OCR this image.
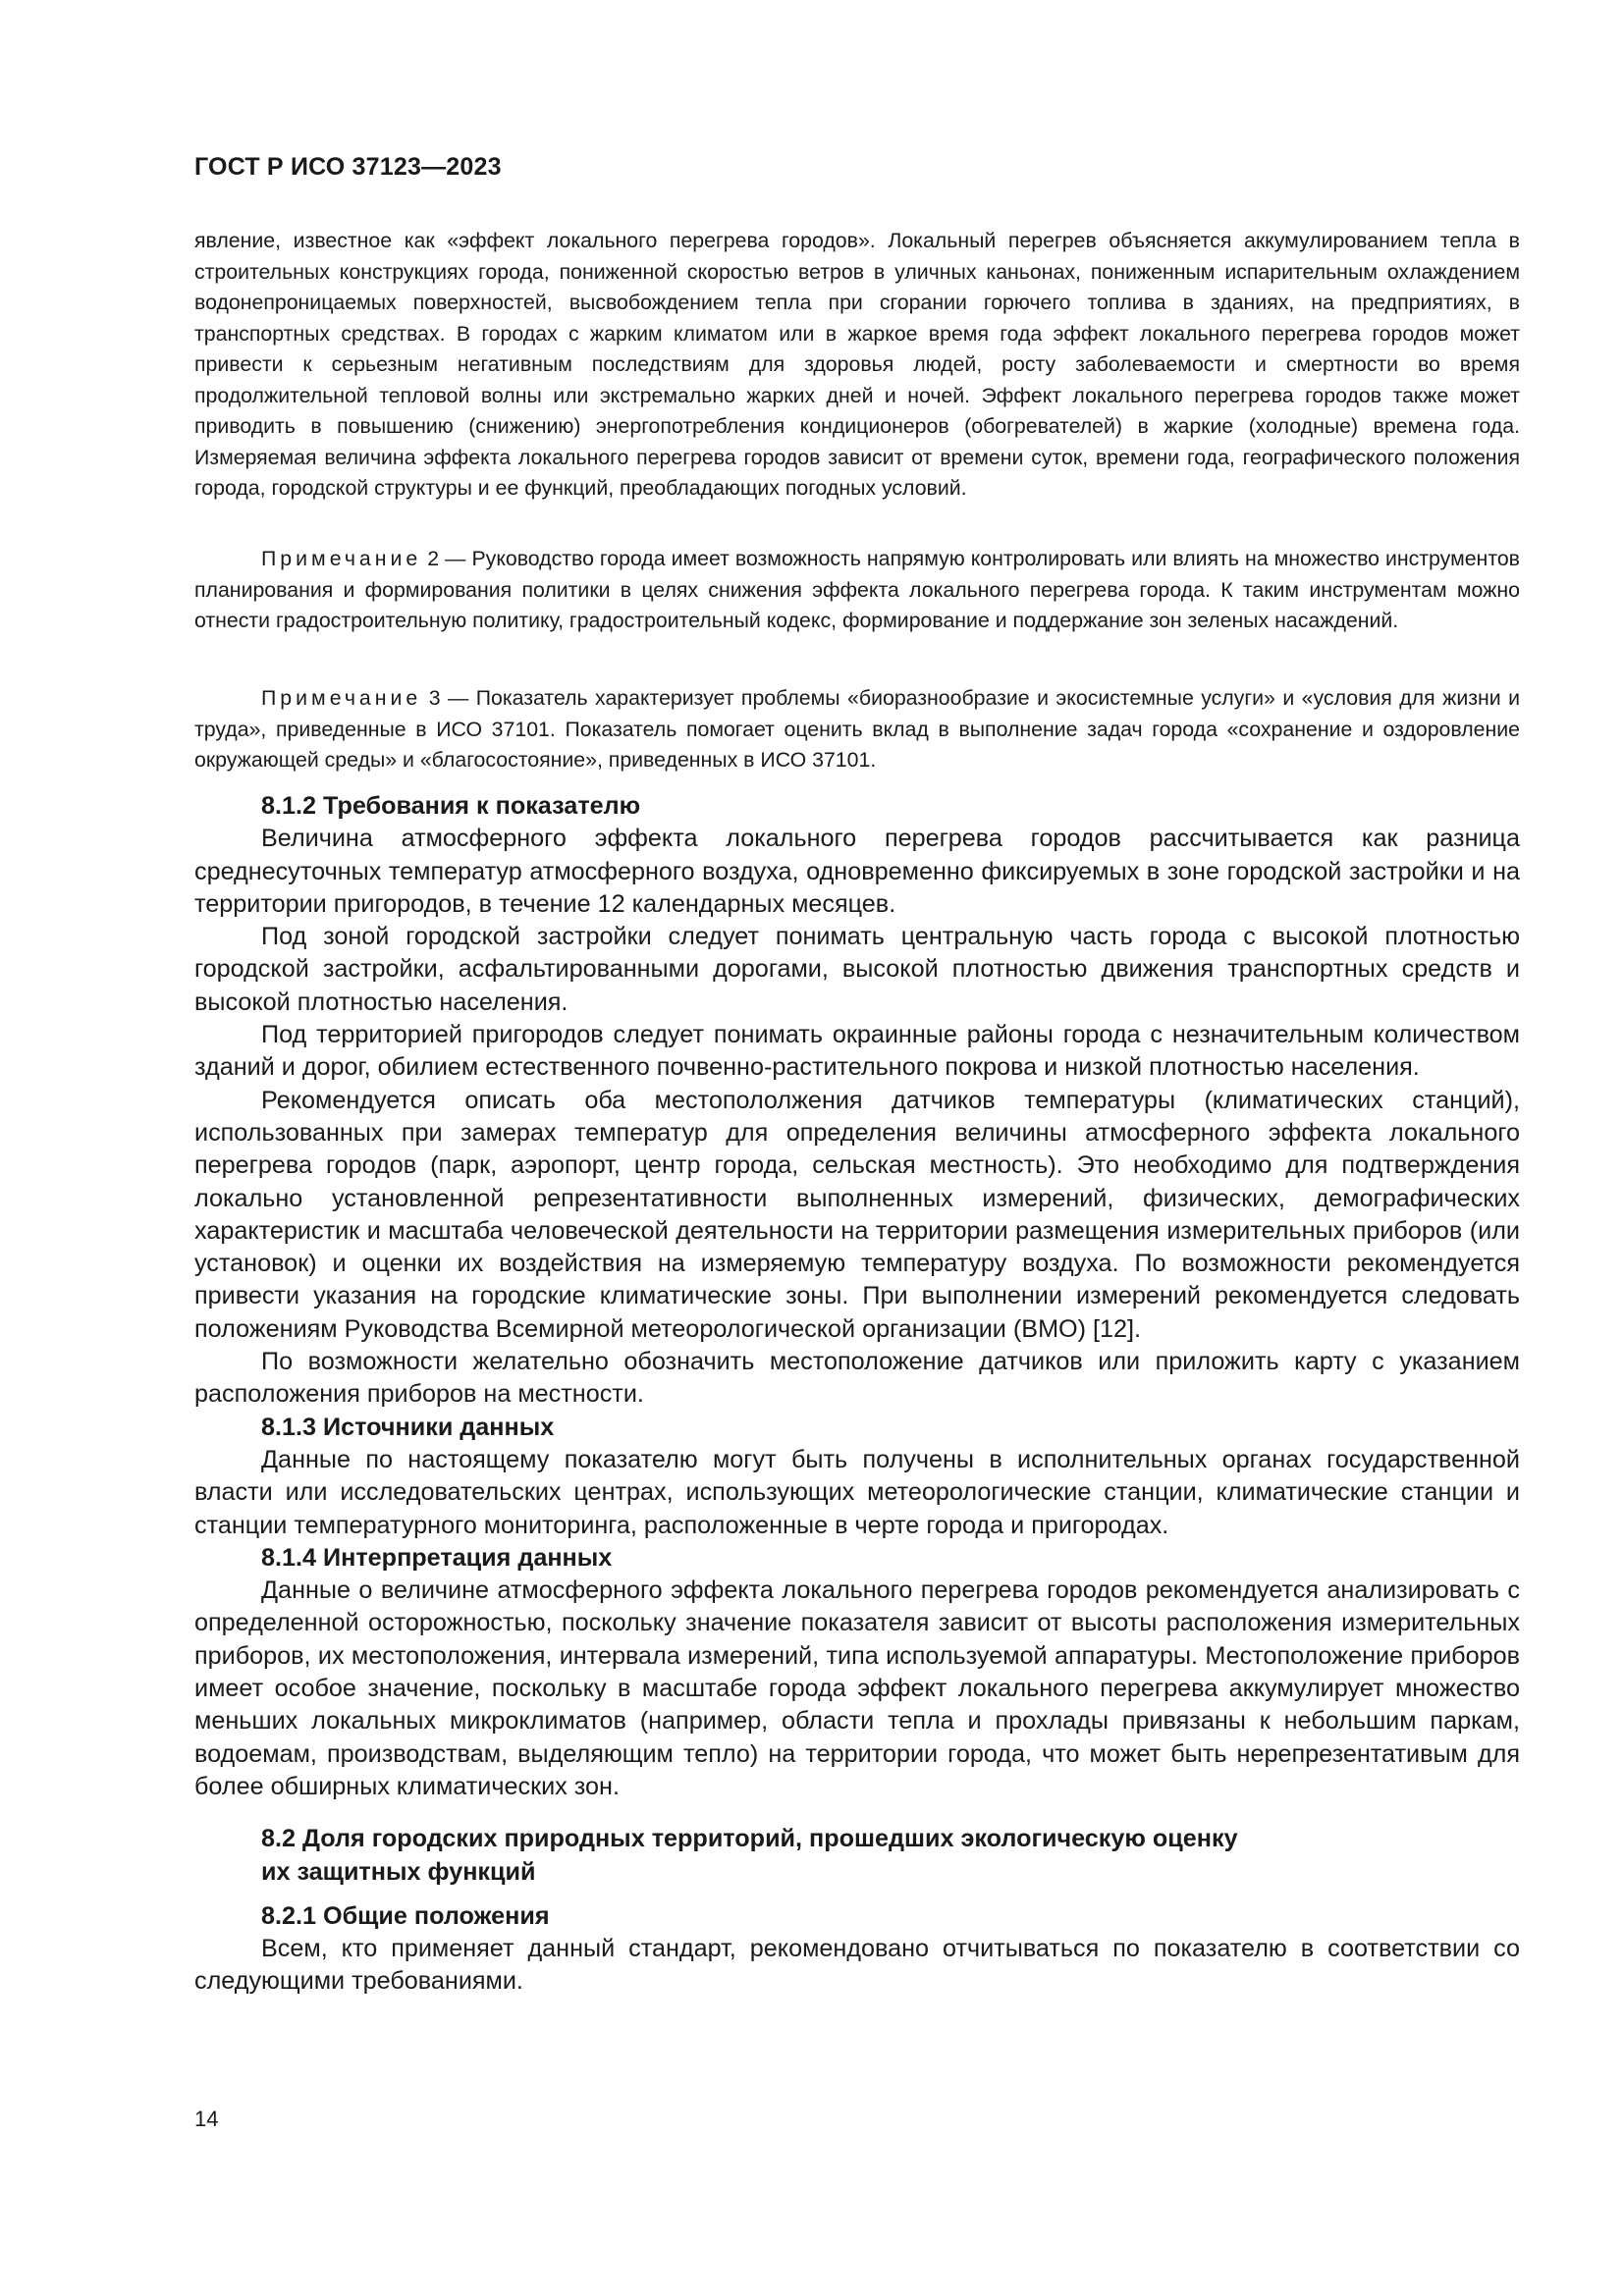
ГОСТ Р ИСО 37123—2023

явление, известное как «эффект локального перегрева городов». Локальный перегрев объясняется аккумулированием тепла в строительных конструкциях города, пониженной скоростью ветров в уличных каньонах, пониженным испарительным охлаждением водонепроницаемых поверхностей, высвобождением тепла при сгорании горючего топлива в зданиях, на предприятиях, в транспортных средствах. В городах с жарким климатом или в жаркое время года эффект локального перегрева городов может привести к серьезным негативным последствиям для здоровья людей, росту заболеваемости и смертности во время продолжительной тепловой волны или экстремально жарких дней и ночей. Эффект локального перегрева городов также может приводить в повышению (снижению) энергопотребления кондиционеров (обогревателей) в жаркие (холодные) времена года. Измеряемая величина эффекта локального перегрева городов зависит от времени суток, времени года, географического положения города, городской структуры и ее функций, преобладающих погодных условий.

Примечание 2 — Руководство города имеет возможность напрямую контролировать или влиять на множество инструментов планирования и формирования политики в целях снижения эффекта локального перегрева города. К таким инструментам можно отнести градостроительную политику, градостроительный кодекс, формирование и поддержание зон зеленых насаждений.
Примечание 3 — Показатель характеризует проблемы «биоразнообразие и экосистемные услуги» и «условия для жизни и труда», приведенные в ИСО 37101. Показатель помогает оценить вклад в выполнение задач города «сохранение и оздоровление окружающей среды» и «благосостояние», приведенных в ИСО 37101.
8.1.2 Требования к показателю

Величина атмосферного эффекта локального перегрева городов рассчитывается как разница среднесуточных температур атмосферного воздуха, одновременно фиксируемых в зоне городской застройки и на территории пригородов, в течение 12 календарных месяцев.

Под зоной городской застройки следует понимать центральную часть города с высокой плотностью городской застройки, асфальтированными дорогами, высокой плотностью движения транспортных средств и высокой плотностью населения.

Под территорией пригородов следует понимать окраинные районы города с незначительным количеством зданий и дорог, обилием естественного почвенно-растительного покрова и низкой плотностью населения.

Рекомендуется описать оба местопололжения датчиков температуры (климатических станций), использованных при замерах температур для определения величины атмосферного эффекта локального перегрева городов (парк, аэропорт, центр города, сельская местность). Это необходимо для подтверждения локально установленной репрезентативности выполненных измерений, физических, демографических характеристик и масштаба человеческой деятельности на территории размещения измерительных приборов (или установок) и оценки их воздействия на измеряемую температуру воздуха. По возможности рекомендуется привести указания на городские климатические зоны. При выполнении измерений рекомендуется следовать положениям Руководства Всемирной метеорологической организации (ВМО) [12].

По возможности желательно обозначить местоположение датчиков или приложить карту с указанием расположения приборов на местности.

8.1.3 Источники данных

Данные по настоящему показателю могут быть получены в исполнительных органах государственной власти или исследовательских центрах, использующих метеорологические станции, климатические станции и станции температурного мониторинга, расположенные в черте города и пригородах.

8.1.4 Интерпретация данных

Данные о величине атмосферного эффекта локального перегрева городов рекомендуется анализировать с определенной осторожностью, поскольку значение показателя зависит от высоты расположения измерительных приборов, их местоположения, интервала измерений, типа используемой аппаратуры. Местоположение приборов имеет особое значение, поскольку в масштабе города эффект локального перегрева аккумулирует множество меньших локальных микроклиматов (например, области тепла и прохлады привязаны к небольшим паркам, водоемам, производствам, выделяющим тепло) на территории города, что может быть нерепрезентативым для более обширных климатических зон.

8.2 Доля городских природных территорий, прошедших экологическую оценку
их защитных функций
8.2.1 Общие положения

Всем, кто применяет данный стандарт, рекомендовано отчитываться по показателю в соответствии со следующими требованиями.

14
